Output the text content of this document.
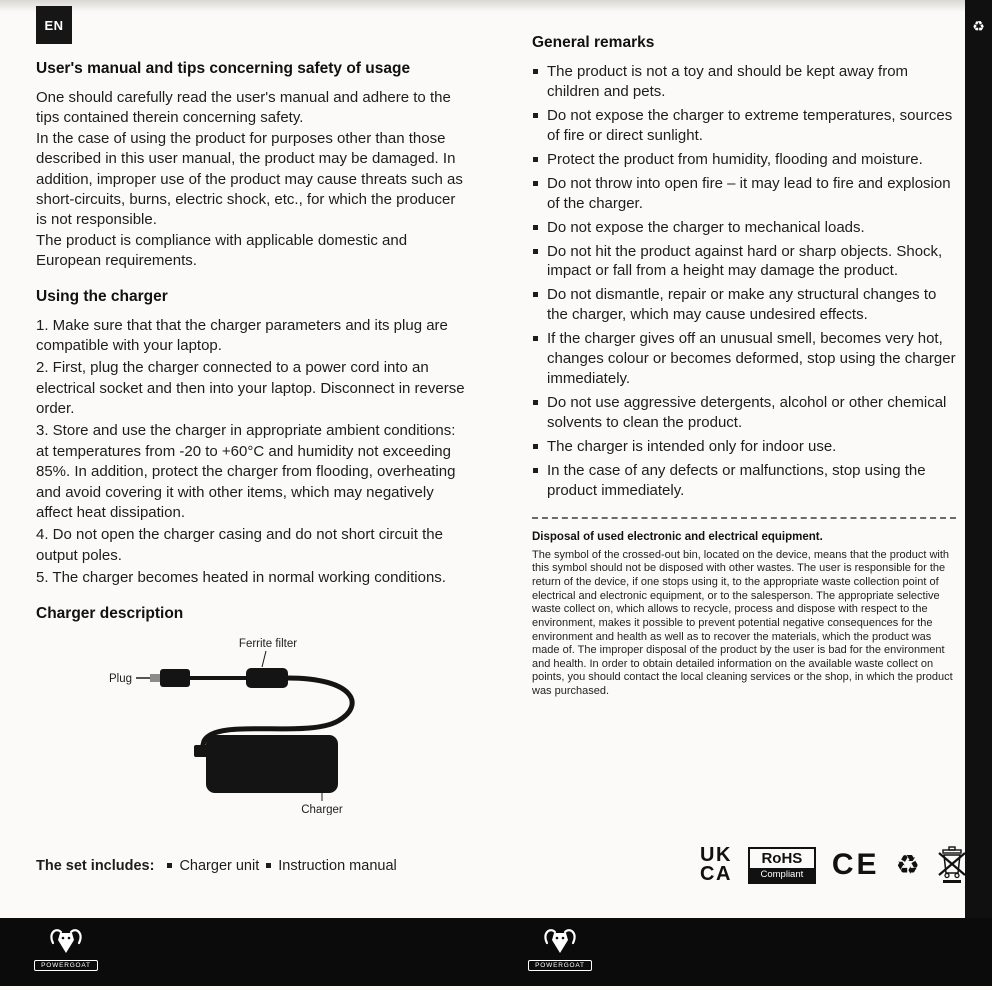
EN
User's manual and tips concerning safety of usage
One should carefully read the user's manual and adhere to the tips contained therein concerning safety.
In the case of using the product for purposes other than those described in this user manual, the product may be damaged. In addition, improper use of the product may cause threats such as short-circuits, burns, electric shock, etc., for which the producer is not responsible.
The product is compliance with applicable domestic and European requirements.
Using the charger
1. Make sure that that the charger parameters and its plug are compatible with your laptop.
2. First, plug the charger connected to a power cord into an electrical socket and then into your laptop. Disconnect in reverse order.
3. Store and use the charger in appropriate ambient conditions: at temperatures from -20 to +60°C and humidity not exceeding 85%. In addition, protect the charger from flooding, overheating and avoid covering it with other items, which may negatively affect heat dissipation.
4. Do not open the charger casing and do not short circuit the output poles.
5. The charger becomes heated in normal working conditions.
Charger description
Ferrite filter
Plug
Charger
The set includes: Charger unit Instruction manual
General remarks
The product is not a toy and should be kept away from children and pets.
Do not expose the charger to extreme temperatures, sources of fire or direct sunlight.
Protect the product from humidity, flooding and moisture.
Do not throw into open fire – it may lead to fire and explosion of the charger.
Do not expose the charger to mechanical loads.
Do not hit the product against hard or sharp objects. Shock, impact or fall from a height may damage the product.
Do not dismantle, repair or make any structural changes to the charger, which may cause undesired effects.
If the charger gives off an unusual smell, becomes very hot, changes colour or becomes deformed, stop using the charger immediately.
Do not use aggressive detergents, alcohol or other chemical solvents to clean the product.
The charger is intended only for indoor use.
In the case of any defects or malfunctions, stop using the product immediately.

Disposal of used electronic and electrical equipment.

The symbol of the crossed-out bin, located on the device, means that the product with this symbol should not be disposed with other wastes. The user is responsible for the return of the device, if one stops using it, to the appropriate waste collection point of electrical and electronic equipment, or to the salesperson. The appropriate selective waste collect on, which allows to recycle, process and dispose with respect to the environment, makes it possible to prevent potential negative consequences for the environment and health as well as to recover the materials, which the product was made of. The improper disposal of the product by the user is bad for the environment and health. In order to obtain detailed information on the available waste collect on points, you should contact the local cleaning services or the shop, in which the product was purchased.

UK
CA
RoHS
Compliant CE ♻
♻
POWERGOAT	POWERGOAT
